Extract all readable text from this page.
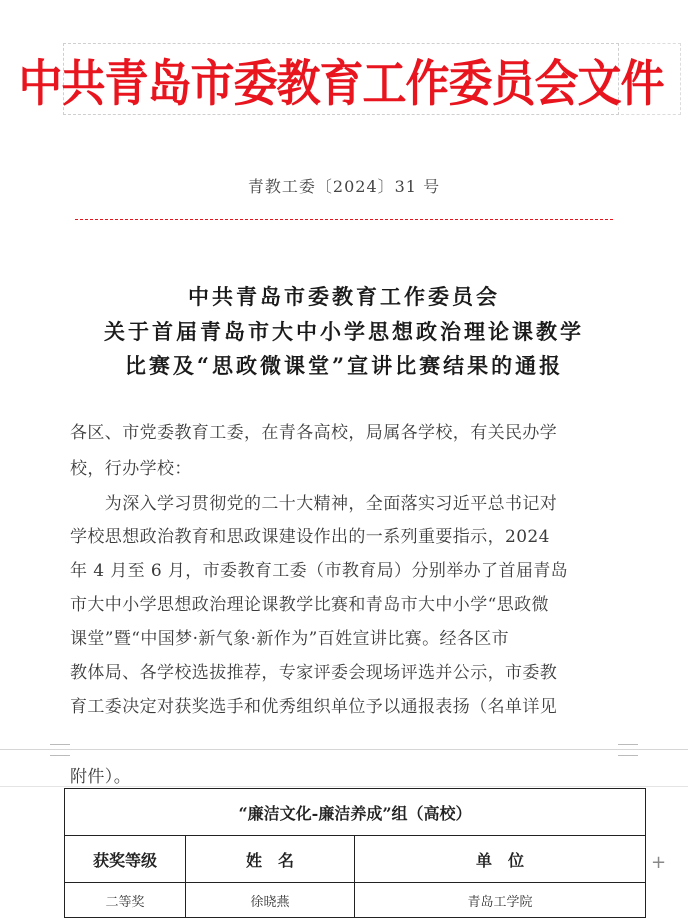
中共青岛市委教育工作委员会文件
青教工委〔2024〕31 号
中共青岛市委教育工作委员会
关于首届青岛市大中小学思想政治理论课教学
比赛及“思政微课堂”宣讲比赛结果的通报
各区、市党委教育工委，在青各高校，局属各学校，有关民办学
校，行办学校：
　　为深入学习贯彻党的二十大精神，全面落实习近平总书记对
学校思想政治教育和思政课建设作出的一系列重要指示，2024
年 4 月至 6 月，市委教育工委（市教育局）分别举办了首届青岛
市大中小学思想政治理论课教学比赛和青岛市大中小学“思政微
课堂”暨“中国梦·新气象·新作为”百姓宣讲比赛。经各区市
教体局、各学校选拔推荐，专家评委会现场评选并公示，市委教
育工委决定对获奖选手和优秀组织单位予以通报表扬（名单详见
附件）。
“廉洁文化-廉洁养成”组（高校）		
获奖等级	姓　名	单　位
二等奖	徐晓燕	青岛工学院
+
